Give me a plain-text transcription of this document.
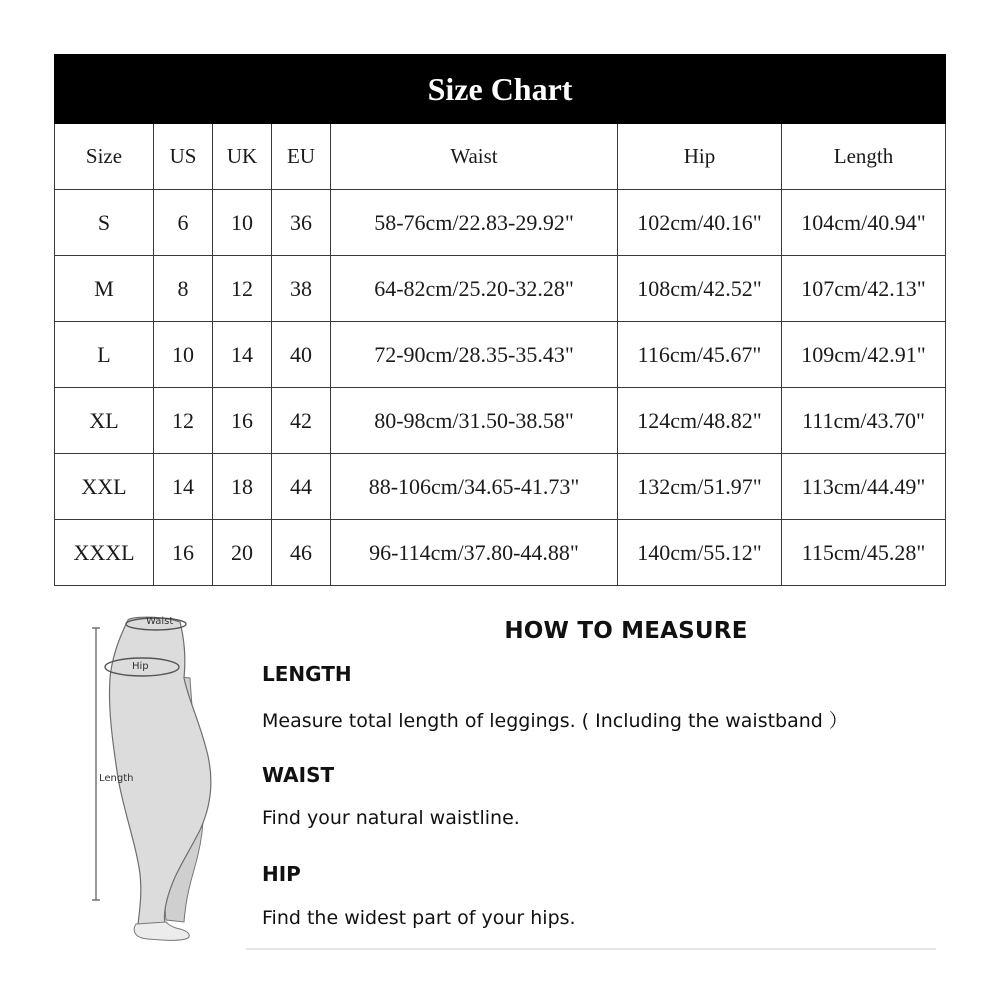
Size Chart						
Size	US	UK	EU	Waist	Hip	Length
S	6	10	36	58-76cm/22.83-29.92"	102cm/40.16"	104cm/40.94"
M	8	12	38	64-82cm/25.20-32.28"	108cm/42.52"	107cm/42.13"
L	10	14	40	72-90cm/28.35-35.43"	116cm/45.67"	109cm/42.91"
XL	12	16	42	80-98cm/31.50-38.58"	124cm/48.82"	111cm/43.70"
XXL	14	18	44	88-106cm/34.65-41.73"	132cm/51.97"	113cm/44.49"
XXXL	16	20	46	96-114cm/37.80-44.88"	140cm/55.12"	115cm/45.28"
Waist
Hip
Length
HOW TO MEASURE
LENGTH
Measure total length of leggings. ( Including the waistband ）
WAIST
Find your natural waistline.
HIP
Find the widest part of your hips.
